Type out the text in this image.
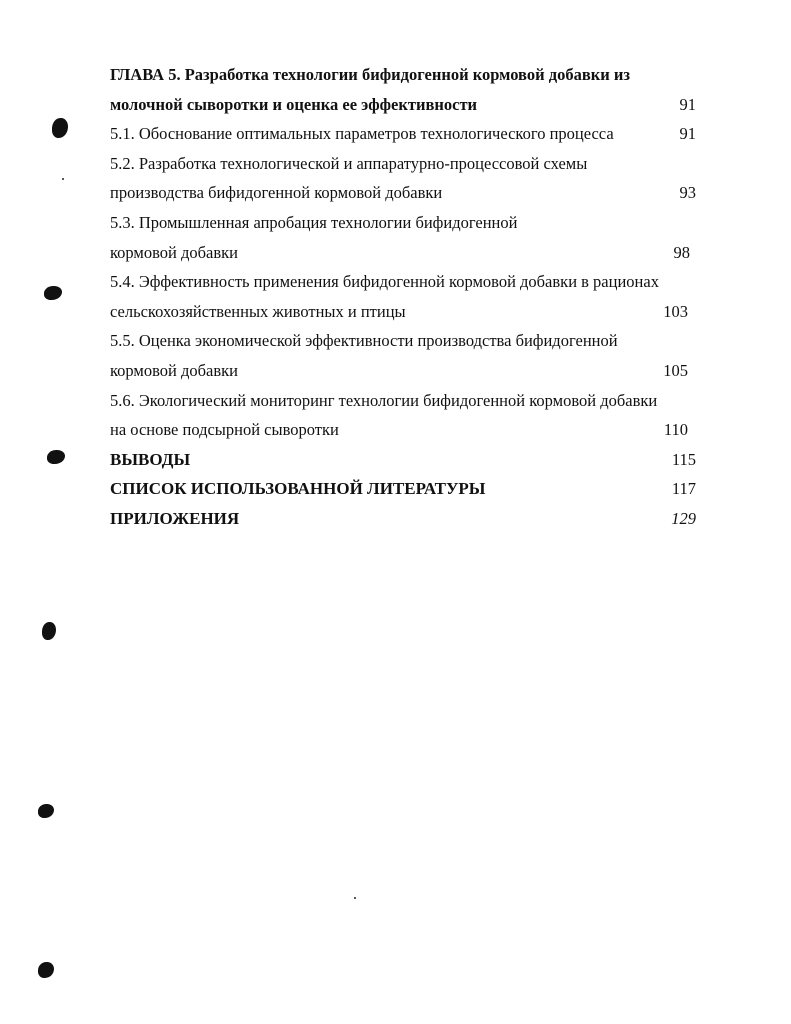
ГЛАВА 5. Разработка технологии бифидогенной кормовой добавки из
молочной сыворотки и оценка ее эффективности	91
5.1. Обоснование оптимальных параметров технологического процесса	91
5.2. Разработка технологической и аппаратурно-процессовой схемы
производства бифидогенной кормовой добавки	93
5.3. Промышленная апробация технологии бифидогенной
кормовой добавки	98
5.4. Эффективность применения бифидогенной кормовой добавки в рационах
сельскохозяйственных животных и птицы	103
5.5. Оценка экономической эффективности производства бифидогенной
кормовой добавки	105
5.6. Экологический мониторинг технологии бифидогенной кормовой добавки
на основе подсырной сыворотки	110
ВЫВОДЫ	115
СПИСОК ИСПОЛЬЗОВАННОЙ ЛИТЕРАТУРЫ	117
ПРИЛОЖЕНИЯ	129
